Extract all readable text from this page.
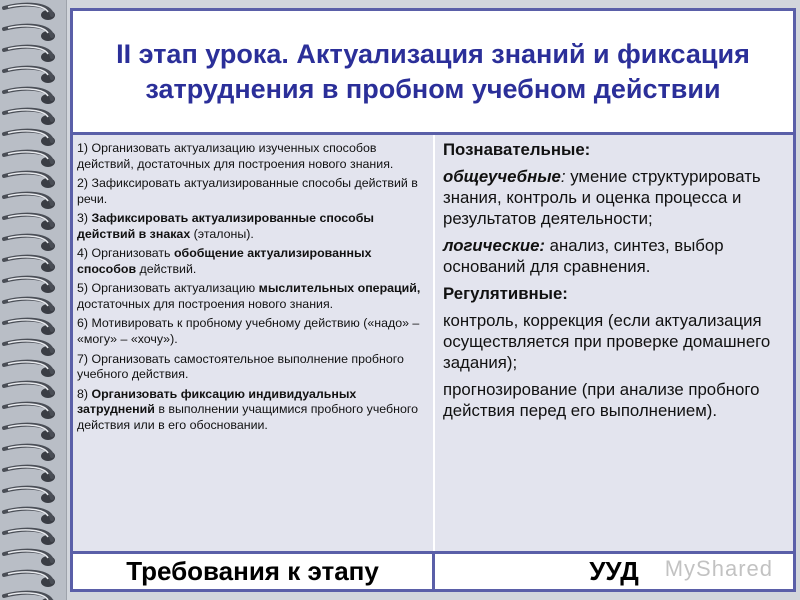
II этап урока. Актуализация знаний и фиксация затруднения в пробном учебном действии

1) Организовать актуализацию изученных способов действий, достаточных для построения нового знания.

2) Зафиксировать актуализированные способы действий в речи.

3) Зафиксировать актуализированные способы действий в знаках (эталоны).

4) Организовать обобщение актуализированных способов действий.

5) Организовать актуализацию мыслительных операций, достаточных для построения нового знания.

6) Мотивировать к пробному учебному действию («надо» – «могу» – «хочу»).

7) Организовать самостоятельное выполнение пробного учебного действия.

8) Организовать фиксацию индивидуальных затруднений в выполнении учащимися пробного учебного действия или в его обосновании.

Познавательные:

общеучебные: умение структурировать знания, контроль и оценка процесса и результатов деятельности;

логические: анализ, синтез, выбор оснований для сравнения.

Регулятивные:

контроль, коррекция (если актуализация осуществляется при проверке домашнего задания);

прогнозирование (при анализе пробного действия перед его выполнением).

Требования к этапу	УУД MyShared
